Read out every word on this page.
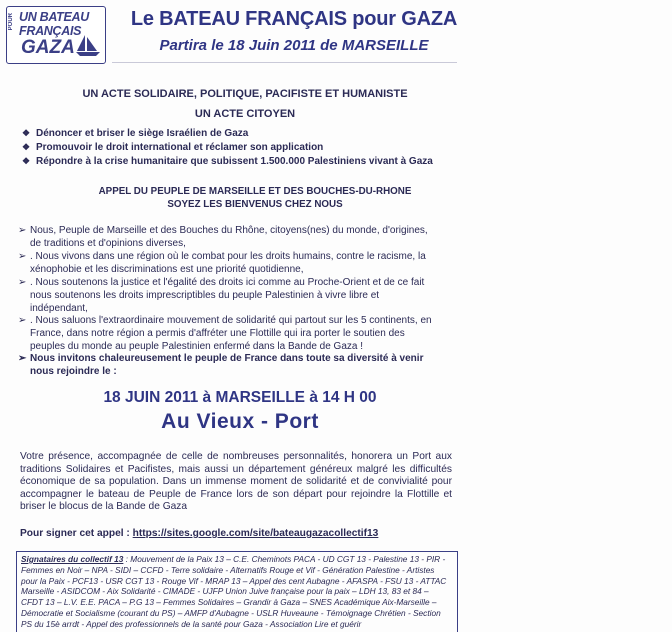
POUR UN BATEAU
FRANÇAIS
GAZA
Le BATEAU FRANÇAIS pour GAZA
Partira le 18 Juin 2011 de MARSEILLE
UN ACTE SOLIDAIRE, POLITIQUE, PACIFISTE ET HUMANISTE
UN ACTE CITOYEN
❖ Dénoncer et briser le siège Israélien de Gaza
❖ Promouvoir le droit international et réclamer son application
❖ Répondre à la crise humanitaire que subissent 1.500.000 Palestiniens vivant à Gaza
APPEL DU PEUPLE DE MARSEILLE ET DES BOUCHES-DU-RHONE
SOYEZ LES BIENVENUS CHEZ NOUS
➢ Nous, Peuple de Marseille et des Bouches du Rhône, citoyens(nes) du monde, d'origines,
de traditions et d'opinions diverses,
➢ . Nous vivons dans une région où le combat pour les droits humains, contre le racisme, la
xénophobie et les discriminations est une priorité quotidienne,
➢ . Nous soutenons la justice et l'égalité des droits ici comme au Proche-Orient et de ce fait
nous soutenons les droits imprescriptibles du peuple Palestinien à vivre libre et
indépendant,
➢ . Nous saluons l'extraordinaire mouvement de solidarité qui partout sur les 5 continents, en
France, dans notre région a permis d'affréter une Flottille qui ira porter le soutien des
peuples du monde au peuple Palestinien enfermé dans la Bande de Gaza !
➢ Nous invitons chaleureusement le peuple de France dans toute sa diversité à venir
nous rejoindre le :
18 JUIN 2011 à MARSEILLE à 14 H 00
Au Vieux - Port
Votre présence, accompagnée de celle de nombreuses personnalités, honorera un Port aux traditions Solidaires et Pacifistes, mais aussi un département généreux malgré les difficultés économique de sa population. Dans un immense moment de solidarité et de convivialité pour accompagner le bateau de Peuple de France lors de son départ pour rejoindre la Flottille et briser le blocus de la Bande de Gaza
Pour signer cet appel : https://sites.google.com/site/bateaugazacollectif13
Signataires du collectif 13 : Mouvement de la Paix 13 – C.E. Cheminots PACA - UD CGT 13 - Palestine 13 - PIR - Femmes en Noir – NPA - SIDI – CCFD - Terre solidaire - Alternatifs Rouge et Vif - Génération Palestine - Artistes pour la Paix - PCF13 - USR CGT 13 - Rouge Vif - MRAP 13 – Appel des cent Aubagne - AFASPA - FSU 13 - ATTAC Marseille - ASIDCOM - Aix Solidarité - CIMADE - UJFP Union Juive française pour la paix – LDH 13, 83 et 84 – CFDT 13 – L.V. E.E. PACA – P.G 13 – Femmes Solidaires – Grandir à Gaza – SNES Académique Aix-Marseille – Démocratie et Socialisme (courant du PS) – AMFP d'Aubagne - USLR Huveaune - Témoignage Chrétien - Section PS du 15è arrdt - Appel des professionnels de la santé pour Gaza - Association Lire et guérir
